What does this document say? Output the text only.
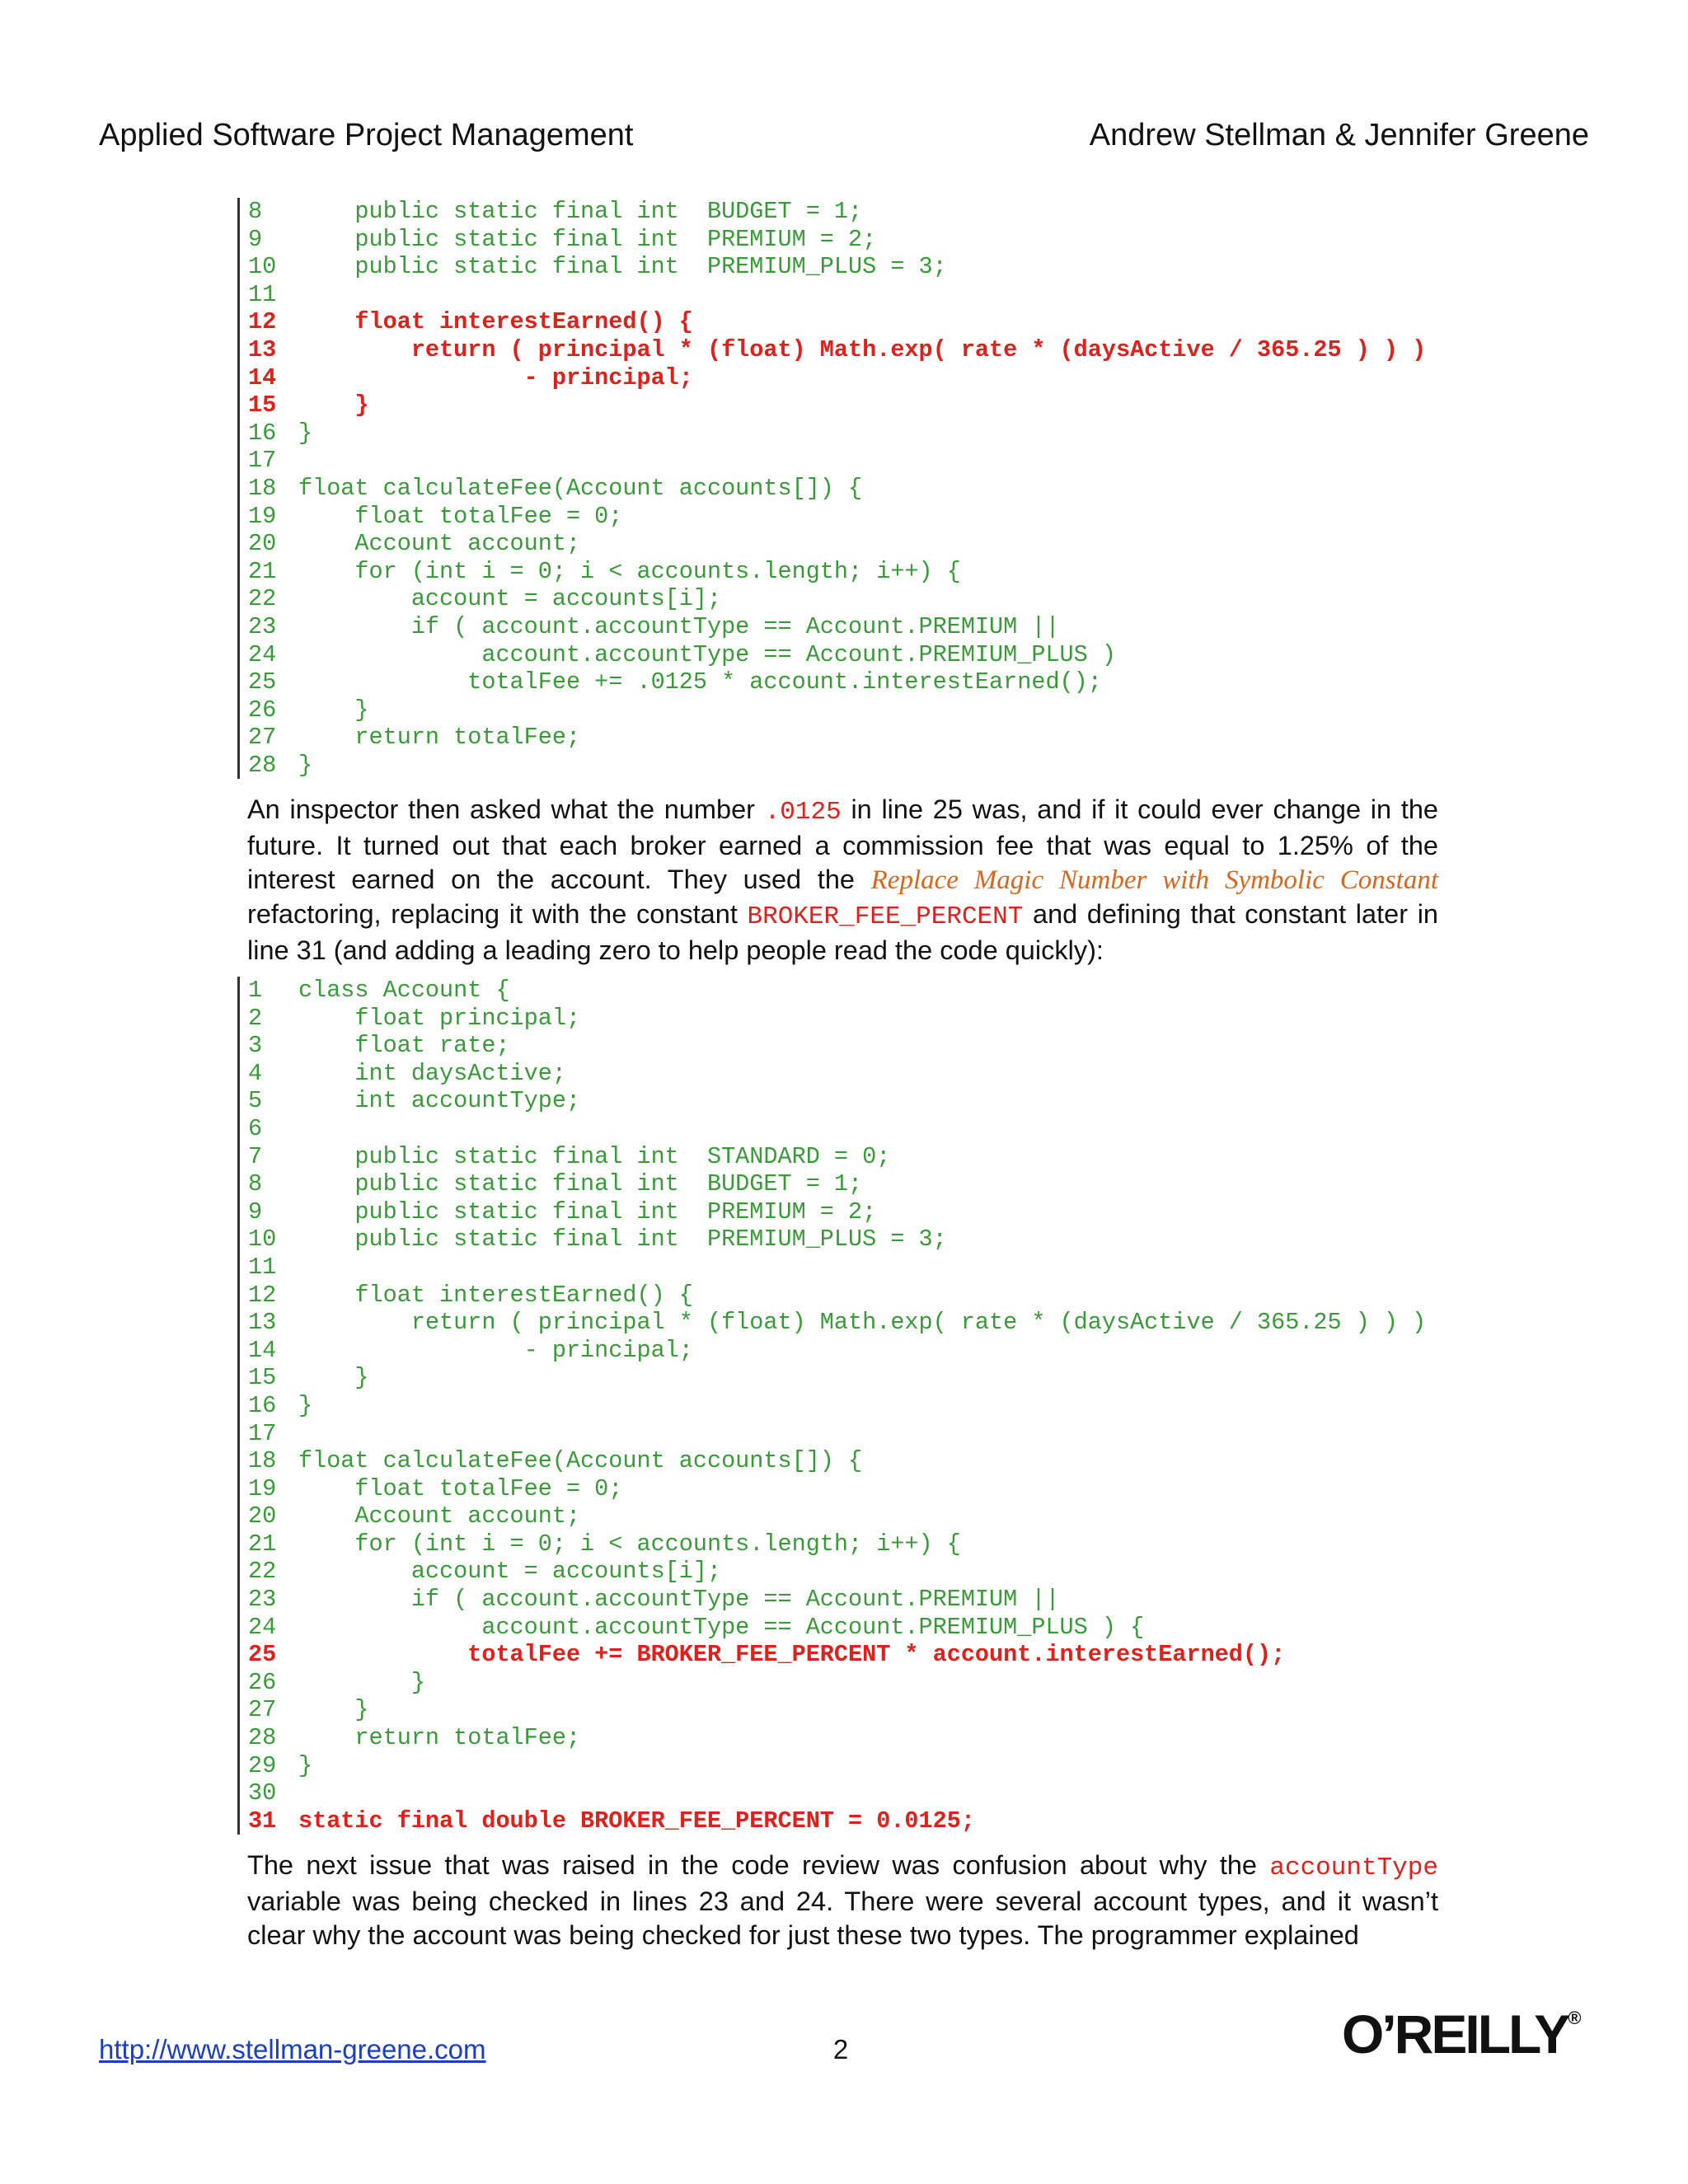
Applied Software Project Management	Andrew Stellman & Jennifer Greene
8    public static final int  BUDGET = 1;
9    public static final int  PREMIUM = 2;
10    public static final int  PREMIUM_PLUS = 3;
11
12    float interestEarned() {
13        return ( principal * (float) Math.exp( rate * (daysActive / 365.25 ) ) )
14                - principal;
15    }
16 }
17
18 float calculateFee(Account accounts[]) {
19    float totalFee = 0;
20    Account account;
21    for (int i = 0; i < accounts.length; i++) {
22        account = accounts[i];
23        if ( account.accountType == Account.PREMIUM ||
24             account.accountType == Account.PREMIUM_PLUS )
25            totalFee += .0125 * account.interestEarned();
26    }
27    return totalFee;
28 }
An inspector then asked what the number .0125 in line 25 was, and if it could ever change in the future. It turned out that each broker earned a commission fee that was equal to 1.25% of the interest earned on the account. They used the Replace Magic Number with Symbolic Constant refactoring, replacing it with the constant BROKER_FEE_PERCENT and defining that constant later in line 31 (and adding a leading zero to help people read the code quickly):
1 class Account {
2    float principal;
3    float rate;
4    int daysActive;
5    int accountType;
6
7    public static final int  STANDARD = 0;
8    public static final int  BUDGET = 1;
9    public static final int  PREMIUM = 2;
10    public static final int  PREMIUM_PLUS = 3;
11
12    float interestEarned() {
13        return ( principal * (float) Math.exp( rate * (daysActive / 365.25 ) ) )
14                - principal;
15    }
16 }
17
18 float calculateFee(Account accounts[]) {
19    float totalFee = 0;
20    Account account;
21    for (int i = 0; i < accounts.length; i++) {
22        account = accounts[i];
23        if ( account.accountType == Account.PREMIUM ||
24             account.accountType == Account.PREMIUM_PLUS ) {
25            totalFee += BROKER_FEE_PERCENT * account.interestEarned();
26        }
27    }
28    return totalFee;
29 }
30
31 static final double BROKER_FEE_PERCENT = 0.0125;
The next issue that was raised in the code review was confusion about why the accountType variable was being checked in lines 23 and 24. There were several account types, and it wasn’t clear why the account was being checked for just these two types. The programmer explained
http://www.stellman-greene.com	2	O’REILLY®
